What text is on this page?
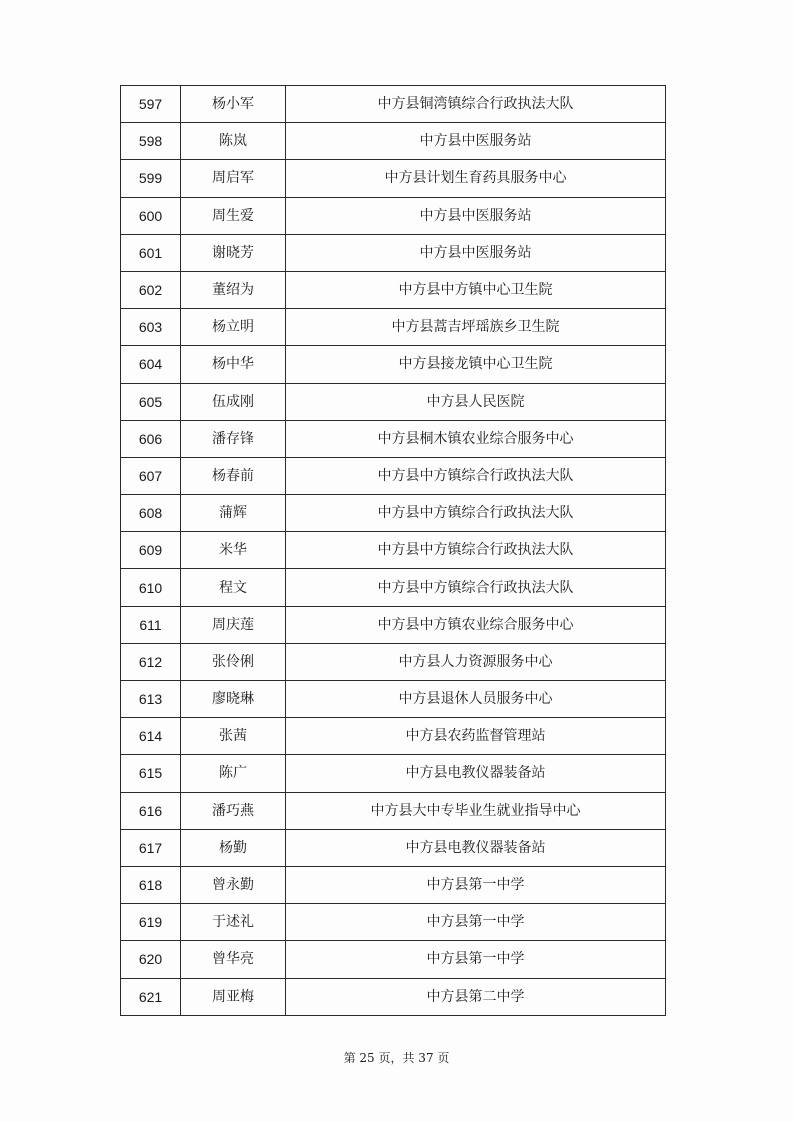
597	杨小军	中方县铜湾镇综合行政执法大队
598	陈岚	中方县中医服务站
599	周启军	中方县计划生育药具服务中心
600	周生爱	中方县中医服务站
601	谢晓芳	中方县中医服务站
602	董绍为	中方县中方镇中心卫生院
603	杨立明	中方县蒿吉坪瑶族乡卫生院
604	杨中华	中方县接龙镇中心卫生院
605	伍成刚	中方县人民医院
606	潘存锋	中方县桐木镇农业综合服务中心
607	杨春前	中方县中方镇综合行政执法大队
608	蒲辉	中方县中方镇综合行政执法大队
609	米华	中方县中方镇综合行政执法大队
610	程文	中方县中方镇综合行政执法大队
611	周庆莲	中方县中方镇农业综合服务中心
612	张伶俐	中方县人力资源服务中心
613	廖晓琳	中方县退休人员服务中心
614	张茜	中方县农药监督管理站
615	陈广	中方县电教仪器装备站
616	潘巧燕	中方县大中专毕业生就业指导中心
617	杨勤	中方县电教仪器装备站
618	曾永勤	中方县第一中学
619	于述礼	中方县第一中学
620	曾华亮	中方县第一中学
621	周亚梅	中方县第二中学
第 25 页，共 37 页
